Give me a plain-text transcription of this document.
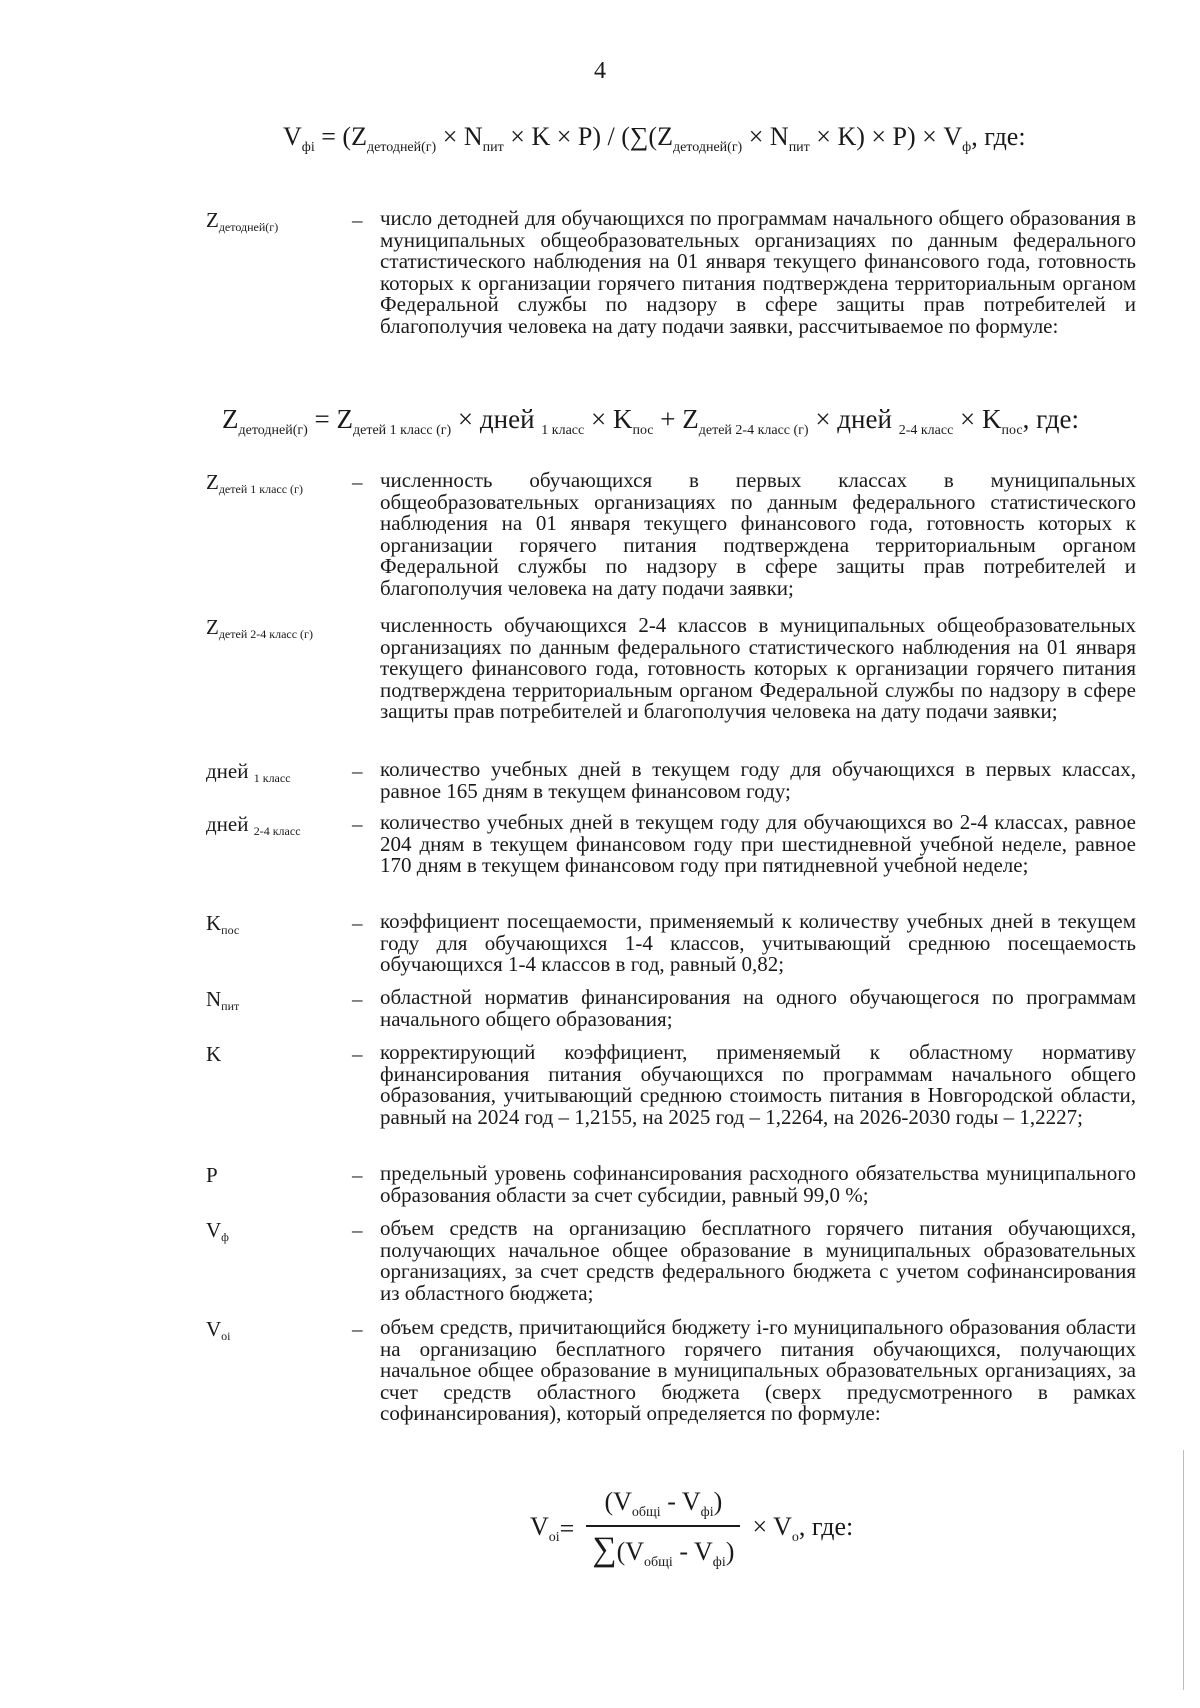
4
$V_{фi} = (Z_{детодней(г)} \times N_{пит} \times K \times P) / (\sum(Z_{детодней(г)} \times N_{пит} \times K) \times P) \times V_ф$, где:
$Z_{детодней(г)}$	– число детодней для обучающихся по программам начального общего образования в муниципальных общеобразовательных организациях по данным федерального статистического наблюдения на 01 января текущего финансового года, готовность которых к организации горячего питания подтверждена территориальным органом Федеральной службы по надзору в сфере защиты прав потребителей и благополучия человека на дату подачи заявки, рассчитываемое по формуле:
$Z_{детодней(г)} = Z_{детей 1 класс (г)}$ × дней $_{1 класс} \times K_{пос} + Z_{детей 2-4 класс (г)}$ × дней $_{2-4 класс} \times K_{пос}$, где:
$Z_{детей 1 класс (г)}$ – численность обучающихся в первых классах в муниципальных общеобразовательных организациях по данным федерального статистического наблюдения на 01 января текущего финансового года, готовность которых к организации горячего питания подтверждена территориальным органом Федеральной службы по надзору в сфере защиты прав потребителей и благополучия человека на дату подачи заявки;
$Z_{детей 2-4 класс (г)}$	численность обучающихся 2-4 классов в муниципальных общеобразовательных организациях по данным федерального статистического наблюдения на 01 января текущего финансового года, готовность которых к организации горячего питания подтверждена территориальным органом Федеральной службы по надзору в сфере защиты прав потребителей и благополучия человека на дату подачи заявки;
дней $_{1 класс}$	– количество учебных дней в текущем году для обучающихся в первых классах, равное 165 дням в текущем финансовом году;
дней $_{2-4 класс}$ – количество учебных дней в текущем году для обучающихся во 2-4 классах, равное 204 дням в текущем финансовом году при шестидневной учебной неделе, равное 170 дням в текущем финансовом году при пятидневной учебной неделе;
$K_{пос}$	– коэффициент посещаемости, применяемый к количеству учебных дней в текущем году для обучающихся 1-4 классов, учитывающий среднюю посещаемость обучающихся 1-4 классов в год, равный 0,82;
$N_{пит}$	– областной норматив финансирования на одного обучающегося по программам начального общего образования;
K	– корректирующий коэффициент, применяемый к областному нормативу финансирования питания обучающихся по программам начального общего образования, учитывающий среднюю стоимость питания в Новгородской области, равный на 2024 год – 1,2155, на 2025 год – 1,2264, на 2026-2030 годы – 1,2227;
P	– предельный уровень софинансирования расходного обязательства муниципального образования области за счет субсидии, равный 99,0 %;
$V_ф$	– объем средств на организацию бесплатного горячего питания обучающихся, получающих начальное общее образование в муниципальных образовательных организациях, за счет средств федерального бюджета с учетом софинансирования из областного бюджета;
$V_{оi}$	– объем средств, причитающийся бюджету i-го муниципального образования области на организацию бесплатного горячего питания обучающихся, получающих начальное общее образование в муниципальных образовательных организациях, за счет средств областного бюджета (сверх предусмотренного в рамках софинансирования), который определяется по формуле:
$V_{оi} = \frac{(V_{общi} - V_{фi})}{\sum(V_{общi} - V_{фi})} \times V_о$, где:
